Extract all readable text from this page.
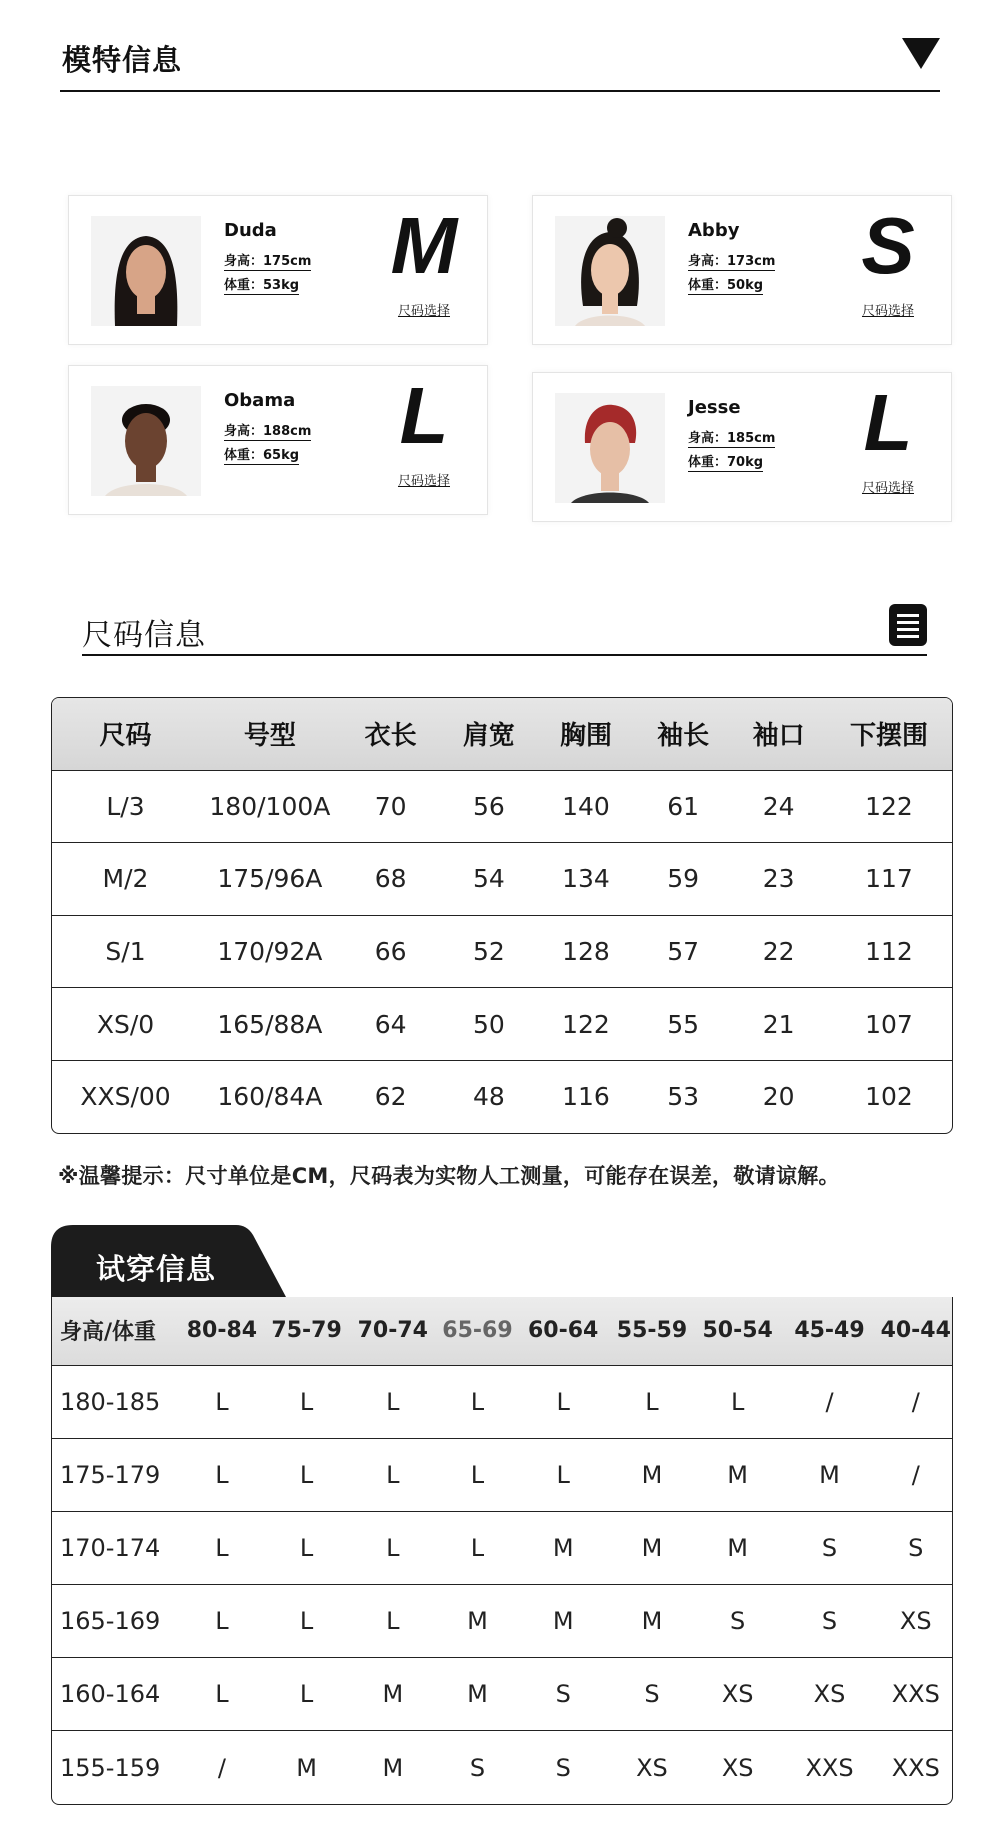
模特信息
Duda
身高：175cm
体重：53kg M
尺码选择
Abby
身高：173cm
体重：50kg S
尺码选择
Obama
身高：188cm
体重：65kg L
尺码选择
Jesse
身高：185cm
体重：70kg L
尺码选择
尺码信息
尺码	号型	衣长	肩宽	胸围	袖长	袖口	下摆围
L/3	180/100A	70	56	140	61	24	122
M/2	175/96A	68	54	134	59	23	117
S/1	170/92A	66	52	128	57	22	112
XS/0	165/88A	64	50	122	55	21	107
XXS/00	160/84A	62	48	116	53	20	102
※温馨提示：尺寸单位是CM，尺码表为实物人工测量，可能存在误差，敬请谅解。
试穿信息
身高/体重	80-84	75-79	70-74	65-69	60-64	55-59	50-54	45-49	40-44
180-185	L	L	L	L	L	L	L	/	/
175-179	L	L	L	L	L	M	M	M	/
170-174	L	L	L	L	M	M	M	S	S
165-169	L	L	L	M	M	M	S	S	XS
160-164	L	L	M	M	S	S	XS	XS	XXS
155-159	/	M	M	S	S	XS	XS	XXS	XXS
